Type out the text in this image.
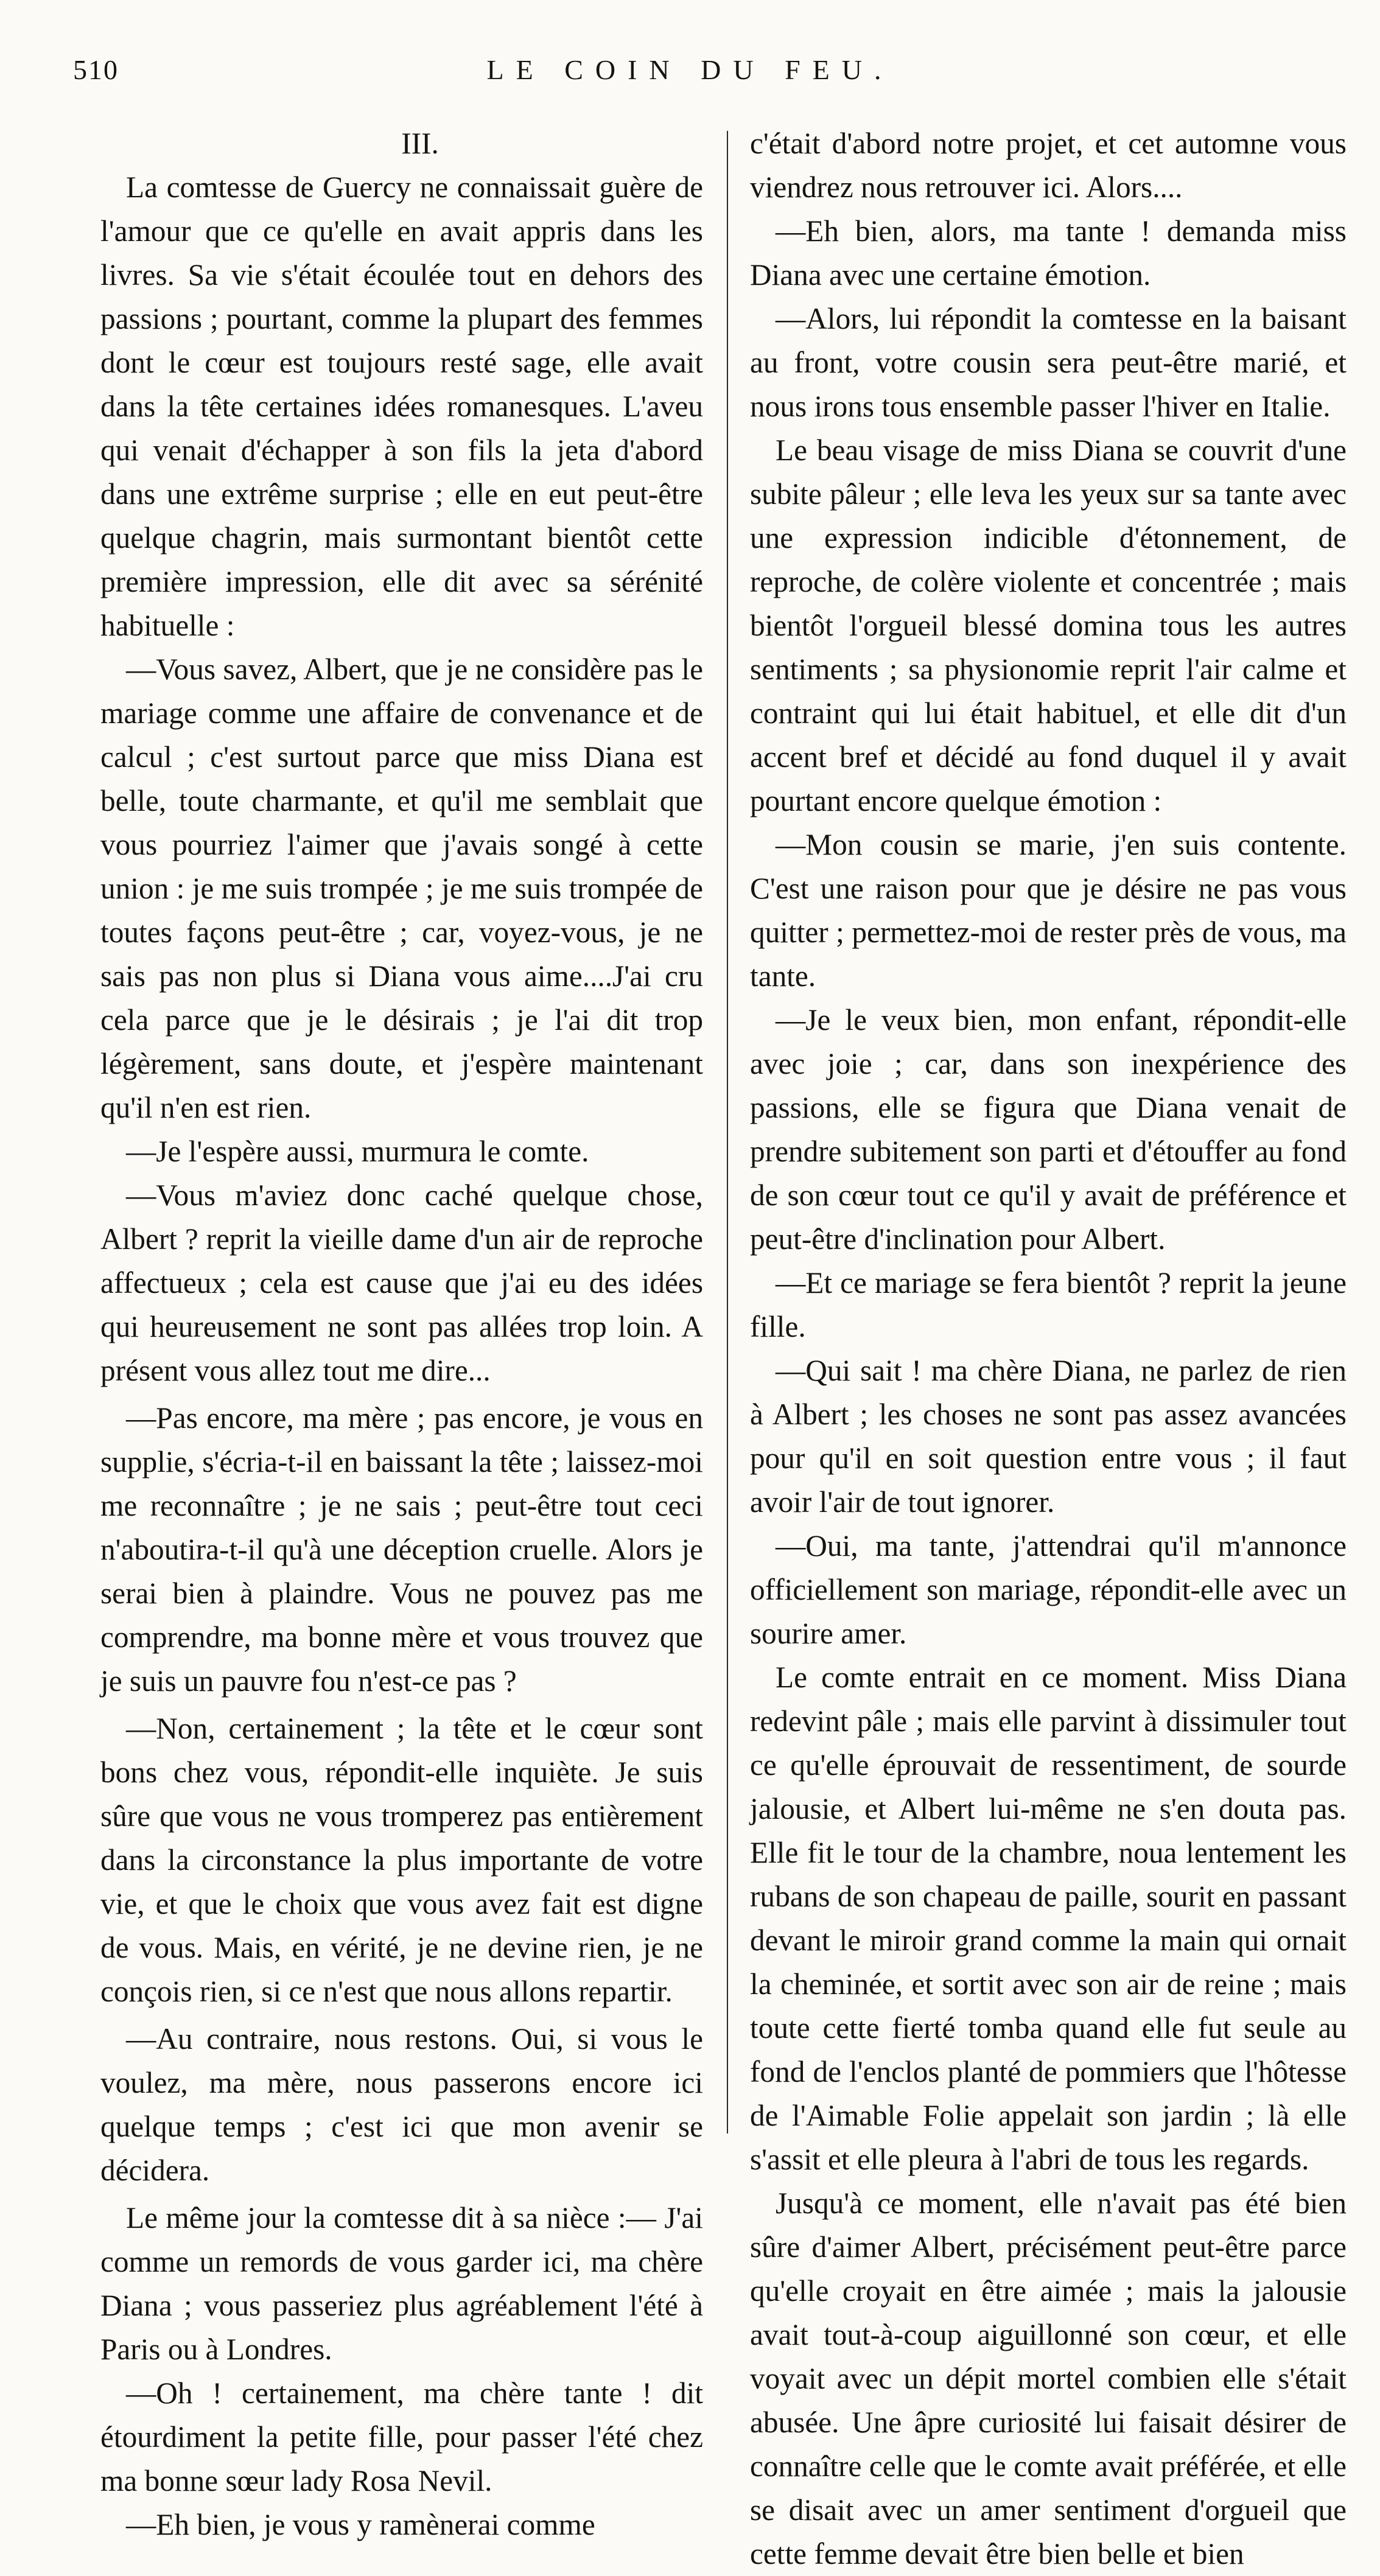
510	LE COIN DU FEU.

III.

La comtesse de Guercy ne connaissait guère de l'amour que ce qu'elle en avait appris dans les livres. Sa vie s'était écoulée tout en dehors des passions ; pourtant, comme la plupart des femmes dont le cœur est toujours resté sage, elle avait dans la tête certaines idées romanesques. L'aveu qui venait d'échapper à son fils la jeta d'abord dans une extrême surprise ; elle en eut peut-être quelque chagrin, mais surmontant bientôt cette première impression, elle dit avec sa sérénité habituelle :

—Vous savez, Albert, que je ne considère pas le mariage comme une affaire de convenance et de calcul ; c'est surtout parce que miss Diana est belle, toute charmante, et qu'il me semblait que vous pourriez l'aimer que j'avais songé à cette union : je me suis trompée ; je me suis trompée de toutes façons peut-être ; car, voyez-vous, je ne sais pas non plus si Diana vous aime....J'ai cru cela parce que je le désirais ; je l'ai dit trop légèrement, sans doute, et j'espère maintenant qu'il n'en est rien.

—Je l'espère aussi, murmura le comte.

—Vous m'aviez donc caché quelque chose, Albert ? reprit la vieille dame d'un air de reproche affectueux ; cela est cause que j'ai eu des idées qui heureusement ne sont pas allées trop loin. A présent vous allez tout me dire...

—Pas encore, ma mère ; pas encore, je vous en supplie, s'écria-t-il en baissant la tête ; laissez-moi me reconnaître ; je ne sais ; peut-être tout ceci n'aboutira-t-il qu'à une déception cruelle. Alors je serai bien à plaindre. Vous ne pouvez pas me comprendre, ma bonne mère et vous trouvez que je suis un pauvre fou n'est-ce pas ?

—Non, certainement ; la tête et le cœur sont bons chez vous, répondit-elle inquiète. Je suis sûre que vous ne vous tromperez pas entièrement dans la circonstance la plus importante de votre vie, et que le choix que vous avez fait est digne de vous. Mais, en vérité, je ne devine rien, je ne conçois rien, si ce n'est que nous allons repartir.

—Au contraire, nous restons. Oui, si vous le voulez, ma mère, nous passerons encore ici quelque temps ; c'est ici que mon avenir se décidera.

Le même jour la comtesse dit à sa nièce :— J'ai comme un remords de vous garder ici, ma chère Diana ; vous passeriez plus agréablement l'été à Paris ou à Londres.

—Oh ! certainement, ma chère tante ! dit étourdiment la petite fille, pour passer l'été chez ma bonne sœur lady Rosa Nevil.

—Eh bien, je vous y ramènerai comme

c'était d'abord notre projet, et cet automne vous viendrez nous retrouver ici. Alors....

—Eh bien, alors, ma tante ! demanda miss Diana avec une certaine émotion.

—Alors, lui répondit la comtesse en la baisant au front, votre cousin sera peut-être marié, et nous irons tous ensemble passer l'hiver en Italie.

Le beau visage de miss Diana se couvrit d'une subite pâleur ; elle leva les yeux sur sa tante avec une expression indicible d'étonnement, de reproche, de colère violente et concentrée ; mais bientôt l'orgueil blessé domina tous les autres sentiments ; sa physionomie reprit l'air calme et contraint qui lui était habituel, et elle dit d'un accent bref et décidé au fond duquel il y avait pourtant encore quelque émotion :

—Mon cousin se marie, j'en suis contente. C'est une raison pour que je désire ne pas vous quitter ; permettez-moi de rester près de vous, ma tante.

—Je le veux bien, mon enfant, répondit-elle avec joie ; car, dans son inexpérience des passions, elle se figura que Diana venait de prendre subitement son parti et d'étouffer au fond de son cœur tout ce qu'il y avait de préférence et peut-être d'inclination pour Albert.

—Et ce mariage se fera bientôt ? reprit la jeune fille.

—Qui sait ! ma chère Diana, ne parlez de rien à Albert ; les choses ne sont pas assez avancées pour qu'il en soit question entre vous ; il faut avoir l'air de tout ignorer.

—Oui, ma tante, j'attendrai qu'il m'annonce officiellement son mariage, répondit-elle avec un sourire amer.

Le comte entrait en ce moment. Miss Diana redevint pâle ; mais elle parvint à dissimuler tout ce qu'elle éprouvait de ressentiment, de sourde jalousie, et Albert lui-même ne s'en douta pas. Elle fit le tour de la chambre, noua lentement les rubans de son chapeau de paille, sourit en passant devant le miroir grand comme la main qui ornait la cheminée, et sortit avec son air de reine ; mais toute cette fierté tomba quand elle fut seule au fond de l'enclos planté de pommiers que l'hôtesse de l'Aimable Folie appelait son jardin ; là elle s'assit et elle pleura à l'abri de tous les regards.

Jusqu'à ce moment, elle n'avait pas été bien sûre d'aimer Albert, précisément peut-être parce qu'elle croyait en être aimée ; mais la jalousie avait tout-à-coup aiguillonné son cœur, et elle voyait avec un dépit mortel combien elle s'était abusée. Une âpre curiosité lui faisait désirer de connaître celle que le comte avait préférée, et elle se disait avec un amer sentiment d'orgueil que cette femme devait être bien belle et bien
